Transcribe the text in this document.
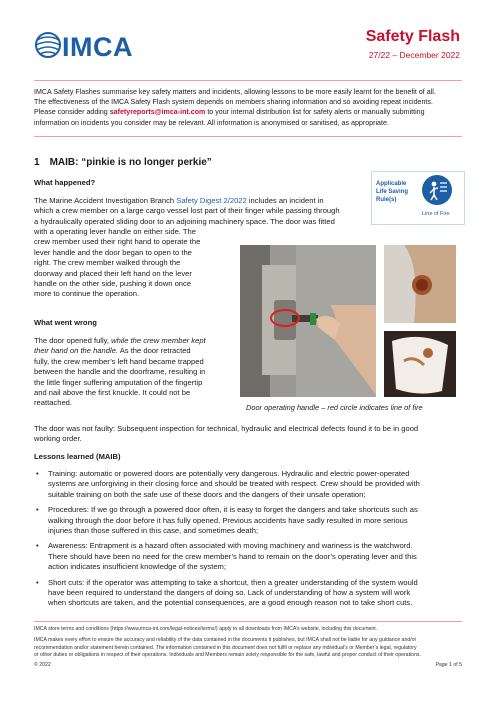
IMCA	Safety Flash
27/22 – December 2022
IMCA Safety Flashes summarise key safety matters and incidents, allowing lessons to be more easily learnt for the benefit of all.
The effectiveness of the IMCA Safety Flash system depends on members sharing information and so avoiding repeat incidents.
Please consider adding safetyreports@imca-int.com to your internal distribution list for safety alerts or manually submitting
information on incidents you consider may be relevant. All information is anonymised or sanitised, as appropriate.
1 MAIB: “pinkie is no longer perkie”
Applicable
Life Saving
Rule(s)
Line of Fire
What happened?
The Marine Accident Investigation Branch Safety Digest 2/2022 includes an incident in
which a crew member on a large cargo vessel lost part of their finger while passing through
a hydraulically operated sliding door to an adjoining machinery space. The door was fitted
with a operating lever handle on either side. The
crew member used their right hand to operate the
lever handle and the door began to open to the
right. The crew member walked through the
doorway and placed their left hand on the lever
handle on the other side, pushing it down once
more to continue the operation.
What went wrong
The door opened fully, while the crew member kept
their hand on the handle. As the door retracted
fully, the crew member’s left hand became trapped
between the handle and the doorframe, resulting in
the little finger suffering amputation of the fingertip
and nail above the first knuckle. It could not be
reattached.
Door operating handle – red circle indicates line of fire
The door was not faulty: Subsequent inspection for technical, hydraulic and electrical defects found it to be in good
working order.
Lessons learned (MAIB)
• Training: automatic or powered doors are potentially very dangerous. Hydraulic and electric power-operated
systems are unforgiving in their closing force and should be treated with respect. Crew should be provided with
suitable training on both the safe use of these doors and the dangers of their unsafe operation;
• Procedures: If we go through a powered door often, it is easy to forget the dangers and take shortcuts such as
walking through the door before it has fully opened. Previous accidents have sadly resulted in more serious
injuries than those suffered in this case, and sometimes death;
• Awareness: Entrapment is a hazard often associated with moving machinery and wariness is the watchword.
There should have been no need for the crew member’s hand to remain on the door’s operating lever and this
action indicates insufficient knowledge of the system;
• Short cuts: if the operator was attempting to take a shortcut, then a greater understanding of the system would
have been required to understand the dangers of doing so. Lack of understanding of how a system will work
when shortcuts are taken, and the potential consequences, are a good enough reason not to take short cuts.
IMCA store terms and conditions (https://www.imca-int.com/legal-notices/terms/) apply to all downloads from IMCA’s website, including this document.
IMCA makes every effort to ensure the accuracy and reliability of the data contained in the documents it publishes, but IMCA shall not be liable for any guidance and/or
recommendation and/or statement herein contained. The information contained in this document does not fulfil or replace any individual’s or Member’s legal, regulatory
or other duties or obligations in respect of their operations. Individuals and Members remain solely responsible for the safe, lawful and proper conduct of their operations.
© 2022	Page 1 of 5
